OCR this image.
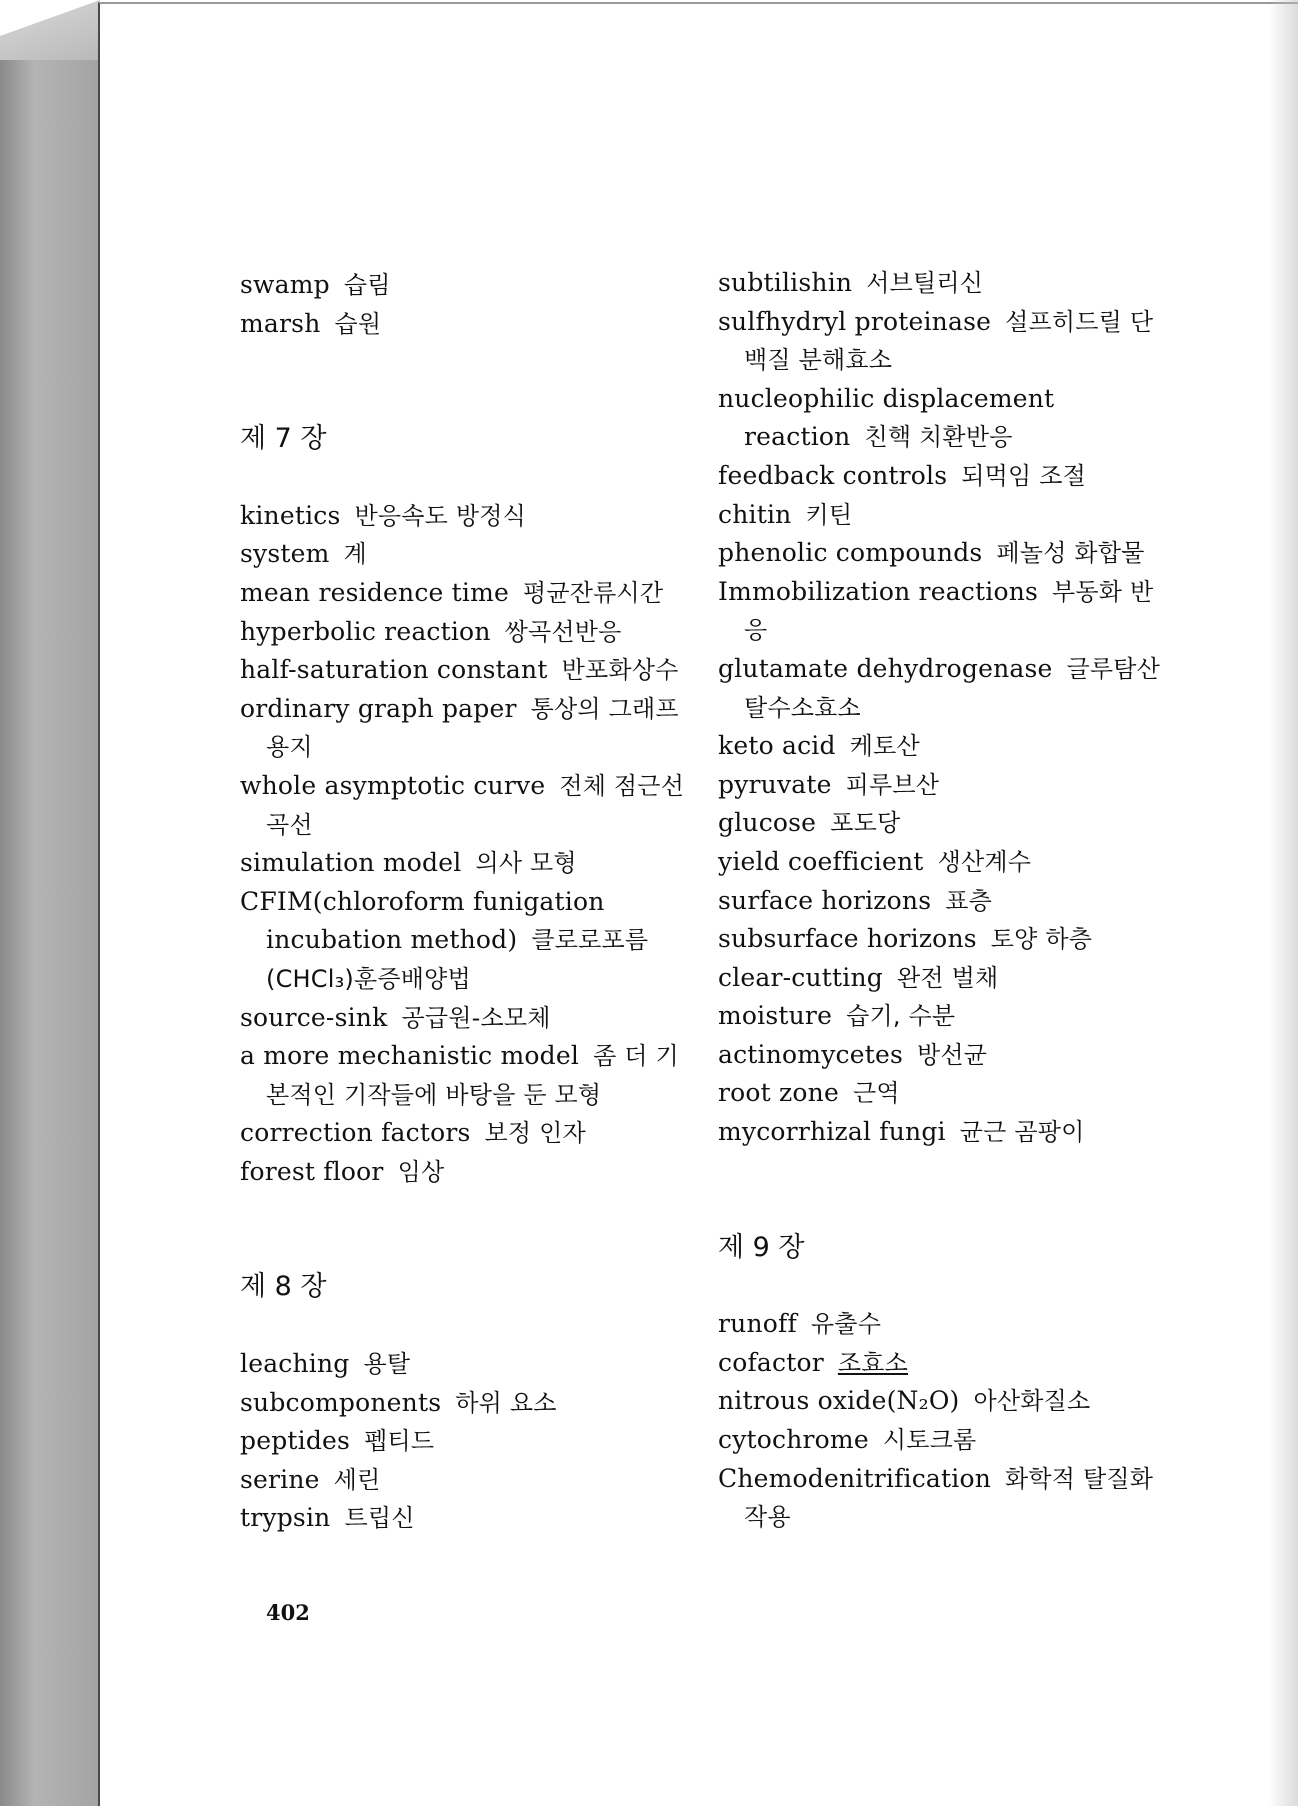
swamp 습림

marsh 습원

제 7 장

kinetics 반응속도 방정식

system 계

mean residence time 평균잔류시간

hyperbolic reaction 쌍곡선반응

half-saturation constant 반포화상수

ordinary graph paper 통상의 그래프 용지

whole asymptotic curve 전체 점근선 곡선

simulation model 의사 모형

CFIM(chloroform funigation incubation method) 클로로포름 (CHCl₃)훈증배양법

source-sink 공급원-소모체

a more mechanistic model 좀 더 기본적인 기작들에 바탕을 둔 모형

correction factors 보정 인자

forest floor 임상

제 8 장

leaching 용탈

subcomponents 하위 요소

peptides 펩티드

serine 세린

trypsin 트립신

subtilishin 서브틸리신

sulfhydryl proteinase 설프히드릴 단백질 분해효소

nucleophilic displacement reaction 친핵 치환반응

feedback controls 되먹임 조절

chitin 키틴

phenolic compounds 페놀성 화합물

Immobilization reactions 부동화 반응

glutamate dehydrogenase 글루탐산 탈수소효소

keto acid 케토산

pyruvate 피루브산

glucose 포도당

yield coefficient 생산계수

surface horizons 표층

subsurface horizons 토양 하층

clear-cutting 완전 벌채

moisture 습기, 수분

actinomycetes 방선균

root zone 근역

mycorrhizal fungi 균근 곰팡이

제 9 장

runoff 유출수

cofactor 조효소

nitrous oxide(N₂O) 아산화질소

cytochrome 시토크롬

Chemodenitrification 화학적 탈질화 작용

402
